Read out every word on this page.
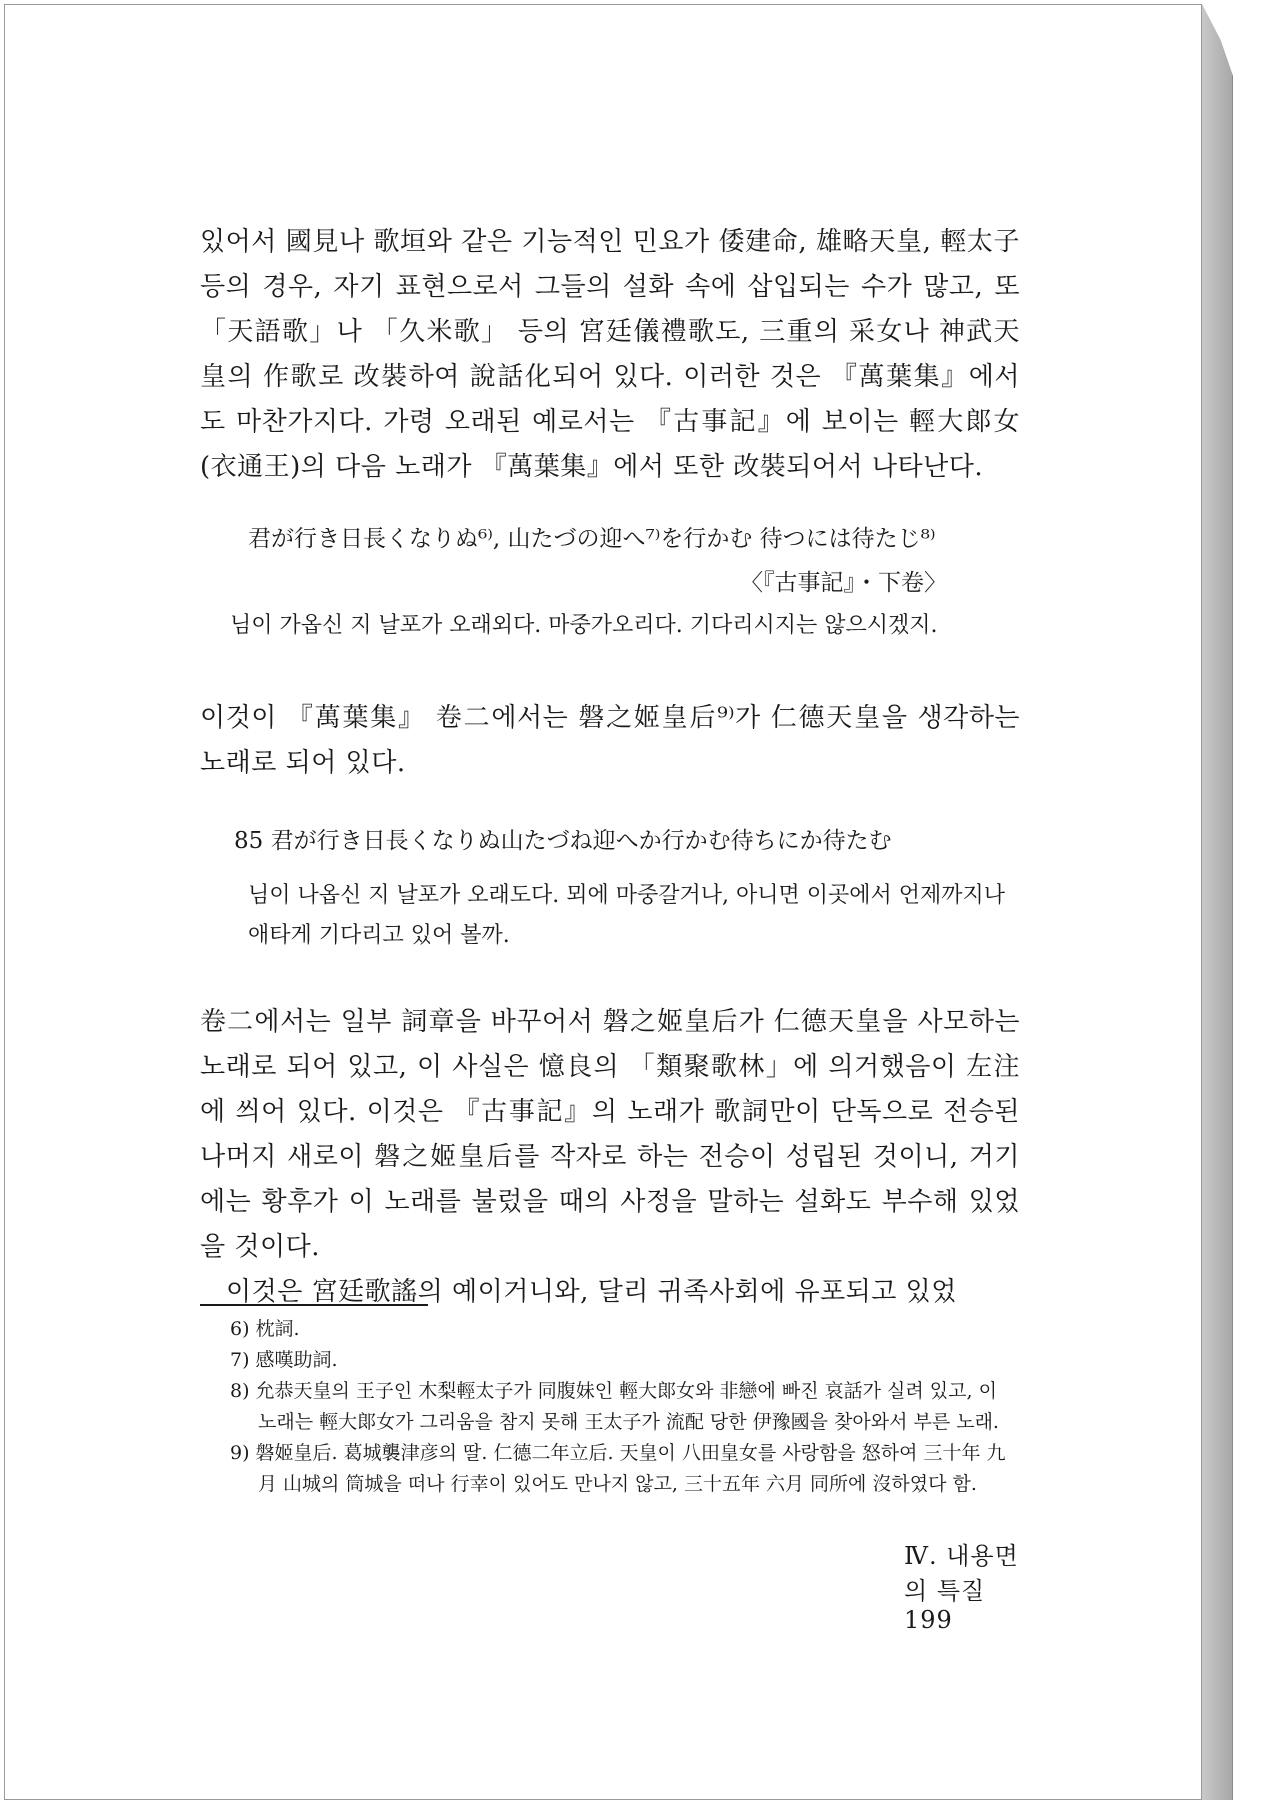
있어서 國見나 歌垣와 같은 기능적인 민요가 倭建命, 雄略天皇, 輕太子 등의 경우, 자기 표현으로서 그들의 설화 속에 삽입되는 수가 많고, 또 「天語歌」나 「久米歌」 등의 宮廷儀禮歌도, 三重의 采女나 神武天皇의 作歌로 改裝하여 說話化되어 있다. 이러한 것은 『萬葉集』에서도 마찬가지다. 가령 오래된 예로서는 『古事記』에 보이는 輕大郞女(衣通王)의 다음 노래가 『萬葉集』에서 또한 改裝되어서 나타난다.

君が行き日長くなりぬ⁶⁾, 山たづの迎へ⁷⁾を行かむ 待つには待たじ⁸⁾
〈『古事記』・下卷〉
님이 가옵신 지 날포가 오래외다. 마중가오리다. 기다리시지는 않으시겠지.

이것이 『萬葉集』 卷二에서는 磐之姬皇后⁹⁾가 仁德天皇을 생각하는 노래로 되어 있다.

85 君が行き日長くなりぬ山たづね迎へか行かむ待ちにか待たむ
님이 나옵신 지 날포가 오래도다. 뫼에 마중갈거나, 아니면 이곳에서 언제까지나 애타게 기다리고 있어 볼까.

卷二에서는 일부 詞章을 바꾸어서 磐之姬皇后가 仁德天皇을 사모하는 노래로 되어 있고, 이 사실은 憶良의 「類聚歌林」에 의거했음이 左注에 씌어 있다. 이것은 『古事記』의 노래가 歌詞만이 단독으로 전승된 나머지 새로이 磐之姬皇后를 작자로 하는 전승이 성립된 것이니, 거기에는 황후가 이 노래를 불렀을 때의 사정을 말하는 설화도 부수해 있었을 것이다.
이것은 宮廷歌謠의 예이거니와, 달리 귀족사회에 유포되고 있었

6) 枕詞.

7) 感嘆助詞.

8) 允恭天皇의 王子인 木梨輕太子가 同腹妹인 輕大郞女와 非戀에 빠진 哀話가 실려 있고, 이 노래는 輕大郞女가 그리움을 참지 못해 王太子가 流配 당한 伊豫國을 찾아와서 부른 노래.

9) 磐姬皇后. 葛城襲津彦의 딸. 仁德二年立后. 天皇이 八田皇女를 사랑함을 怒하여 三十年 九月 山城의 筒城을 떠나 行幸이 있어도 만나지 않고, 三十五年 六月 同所에 沒하였다 함.

Ⅳ. 내용면의 특질 199
